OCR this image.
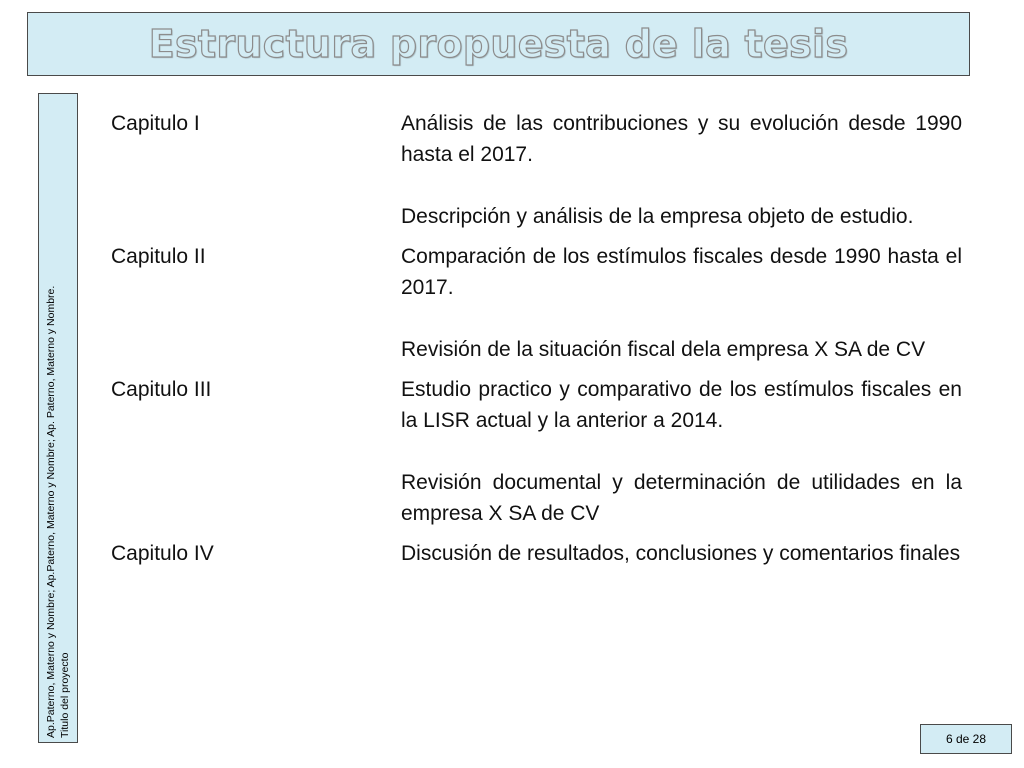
Estructura propuesta de la tesis
Ap.Paterno, Materno y Nombre; Ap.Paterno, Materno y Nombre; Ap. Paterno, Materno y Nombre. Titulo del proyecto
Capitulo I	Análisis de las contribuciones y su evolución desde 1990 hasta el 2017.
Descripción y análisis de la empresa objeto de estudio.
Capitulo II	Comparación de los estímulos fiscales desde 1990 hasta el 2017.
Revisión de la situación fiscal dela empresa X SA de CV
Capitulo III	Estudio practico y comparativo de los estímulos fiscales en la LISR actual y la anterior a 2014.
Revisión documental y determinación de utilidades en la empresa X SA de CV
Capitulo IV	Discusión de resultados, conclusiones y comentarios finales
6 de 28
